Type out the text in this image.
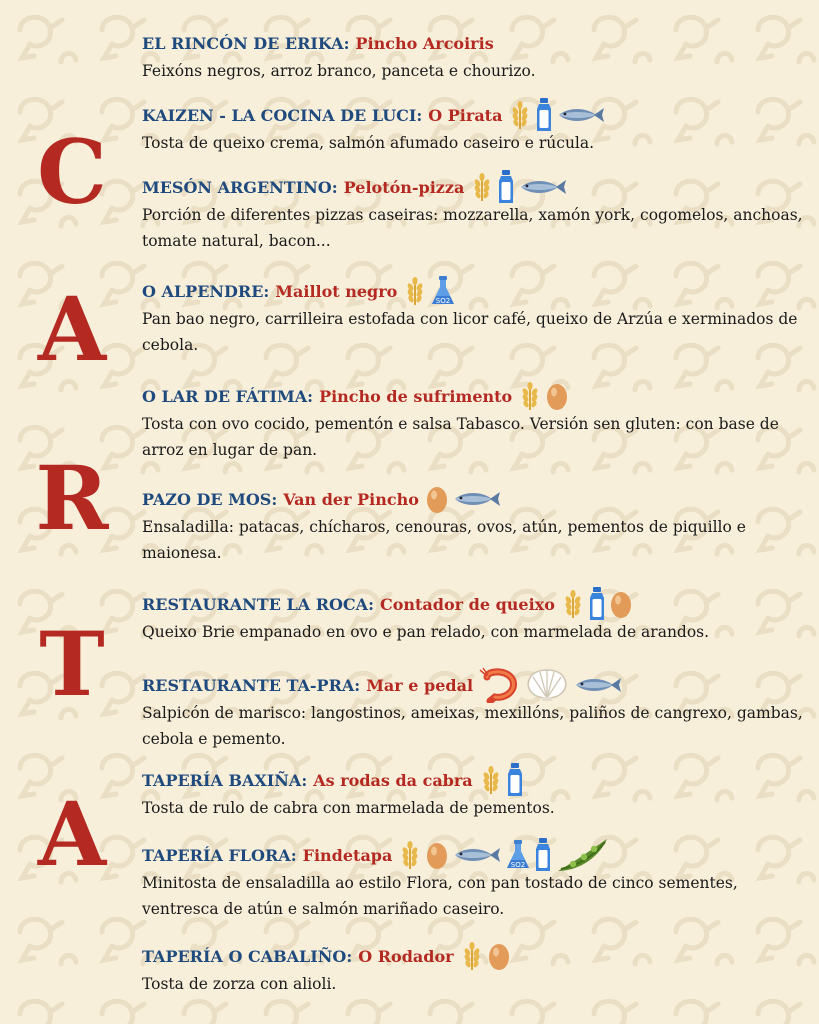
C
A
R
T
A
EL RINCÓN DE ERIKA: Pincho Arcoiris
Feixóns negros, arroz branco, panceta e chourizo.
KAIZEN - LA COCINA DE LUCI: O Pirata
Tosta de queixo crema, salmón afumado caseiro e rúcula.
MESÓN ARGENTINO: Pelotón-pizza
Porción de diferentes pizzas caseiras: mozzarella, xamón york, cogomelos, anchoas, tomate natural, bacon...
O ALPENDRE: Maillot negro
SO2
Pan bao negro, carrilleira estofada con licor café, queixo de Arzúa e xerminados de cebola.
O LAR DE FÁTIMA: Pincho de sufrimento
Tosta con ovo cocido, pementón e salsa Tabasco. Versión sen gluten: con base de arroz en lugar de pan.
PAZO DE MOS: Van der Pincho
Ensaladilla: patacas, chícharos, cenouras, ovos, atún, pementos de piquillo e maionesa.
RESTAURANTE LA ROCA: Contador de queixo
Queixo Brie empanado en ovo e pan relado, con marmelada de arandos.
RESTAURANTE TA-PRA: Mar e pedal
Salpicón de marisco: langostinos, ameixas, mexillóns, paliños de cangrexo, gambas, cebola e pemento.
TAPERÍA BAXIÑA: As rodas da cabra
Tosta de rulo de cabra con marmelada de pementos.
TAPERÍA FLORA: Findetapa
SO2
Minitosta de ensaladilla ao estilo Flora, con pan tostado de cinco sementes, ventresca de atún e salmón mariñado caseiro.
TAPERÍA O CABALIÑO: O Rodador
Tosta de zorza con alioli.
